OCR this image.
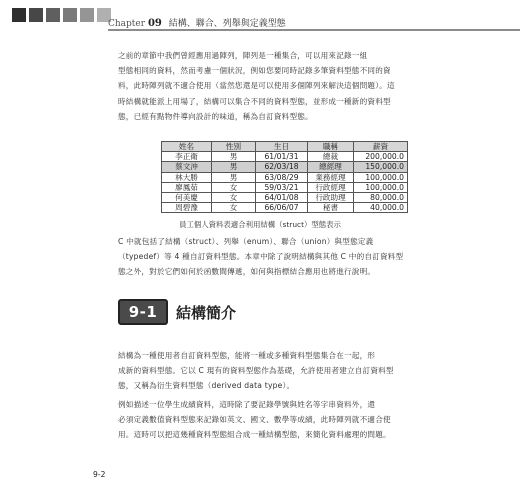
Chapter 09 結構、聯合、列舉與定義型態
之前的章節中我們曾經應用過陣列，陣列是一種集合，可以用來記錄一組
型態相同的資料，然而考慮一個狀況，例如您要同時記錄多筆資料型態不同的資
料，此時陣列就不適合使用（當然您還是可以使用多個陣列來解決這個問題）。這
時結構就能派上用場了，結構可以集合不同的資料型態，並形成一種新的資料型
態，已經有點物件導向設計的味道，稱為自訂資料型態。
姓名	性別	生日	職稱	薪資
李正衛	男	61/01/31	總裁	200,000.0
蔡文沖	男	62/03/18	總經理	150,000.0
林大勝	男	63/08/29	業務經理	100,000.0
廖鳳茹	女	59/03/21	行政經理	100,000.0
何美慶	女	64/01/08	行政助理	80,000.0
周碧豫	女	66/06/07	秘書	40,000.0
員工個人資料表適合利用結構（struct）型態表示
C 中就包括了結構（struct）、列舉（enum）、聯合（union）與型態定義
（typedef）等 4 種自訂資料型態。本章中除了說明結構與其他 C 中的自訂資料型
態之外，對於它們如何於函數間傳遞，如何與指標結合應用也將進行說明。
9-1	結構簡介
結構為一種使用者自訂資料型態，能將一種或多種資料型態集合在一起，形
成新的資料型態。它以 C 現有的資料型態作為基礎，允許使用者建立自訂資料型
態，又稱為衍生資料型態（derived data type）。
例如描述一位學生成績資料，這時除了要記錄學號與姓名等字串資料外，還
必須定義數值資料型態來記錄如英文、國文、數學等成績，此時陣列就不適合使
用。這時可以把這幾種資料型態組合成一種結構型態，來簡化資料處理的問題。
9-2
